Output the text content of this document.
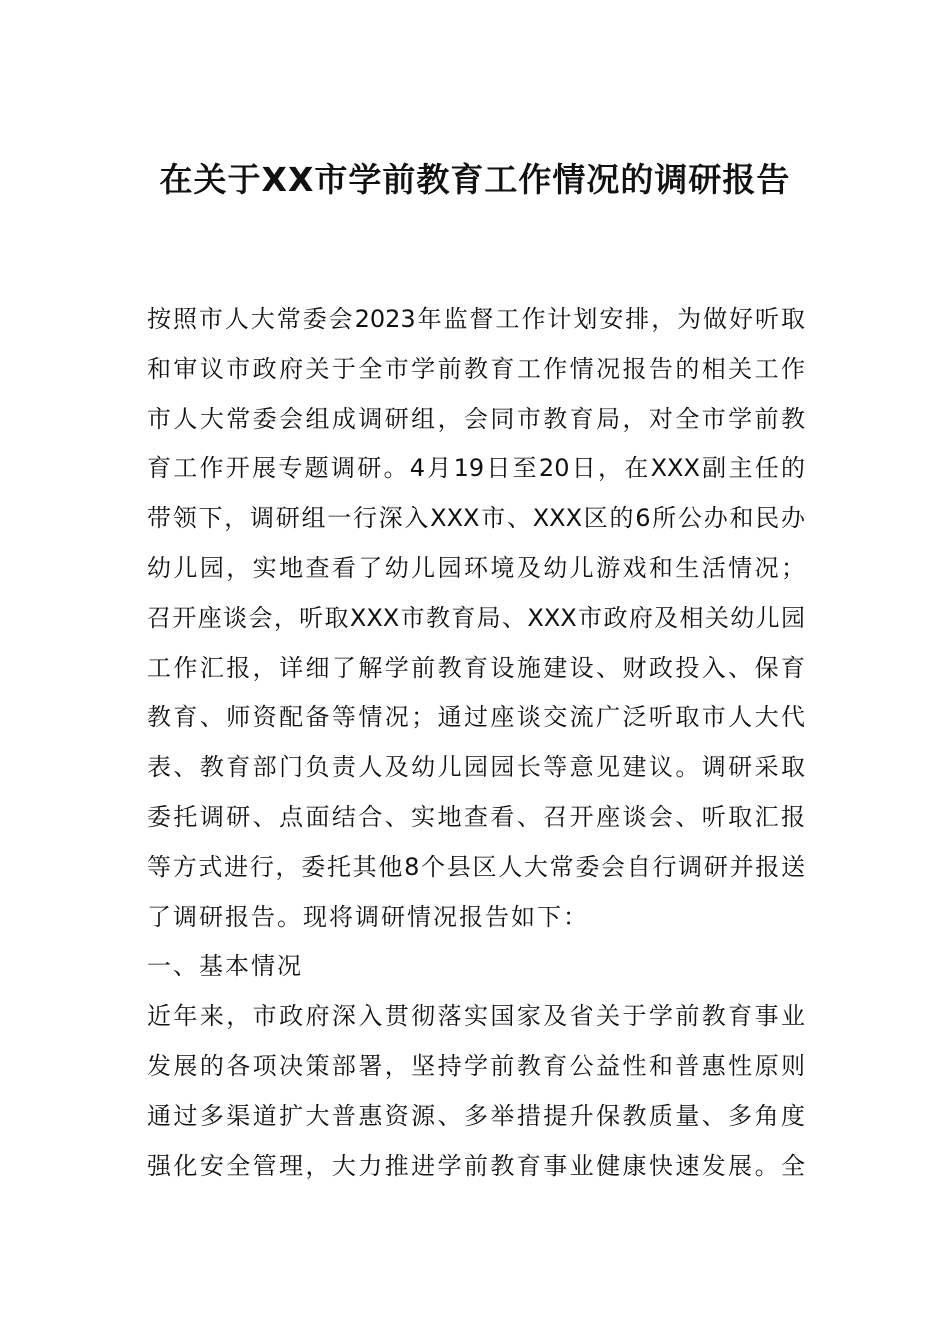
在关于XX市学前教育工作情况的调研报告
按照市人大常委会2023年监督工作计划安排，为做好听取
和审议市政府关于全市学前教育工作情况报告的相关工作
市人大常委会组成调研组，会同市教育局，对全市学前教
育工作开展专题调研。4月19日至20日，在XXX副主任的
带领下，调研组一行深入XXX市、XXX区的6所公办和民办
幼儿园，实地查看了幼儿园环境及幼儿游戏和生活情况；
召开座谈会，听取XXX市教育局、XXX市政府及相关幼儿园
工作汇报，详细了解学前教育设施建设、财政投入、保育
教育、师资配备等情况；通过座谈交流广泛听取市人大代
表、教育部门负责人及幼儿园园长等意见建议。调研采取
委托调研、点面结合、实地查看、召开座谈会、听取汇报
等方式进行，委托其他8个县区人大常委会自行调研并报送
了调研报告。现将调研情况报告如下：
一、基本情况
近年来，市政府深入贯彻落实国家及省关于学前教育事业
发展的各项决策部署，坚持学前教育公益性和普惠性原则
通过多渠道扩大普惠资源、多举措提升保教质量、多角度
强化安全管理，大力推进学前教育事业健康快速发展。全
